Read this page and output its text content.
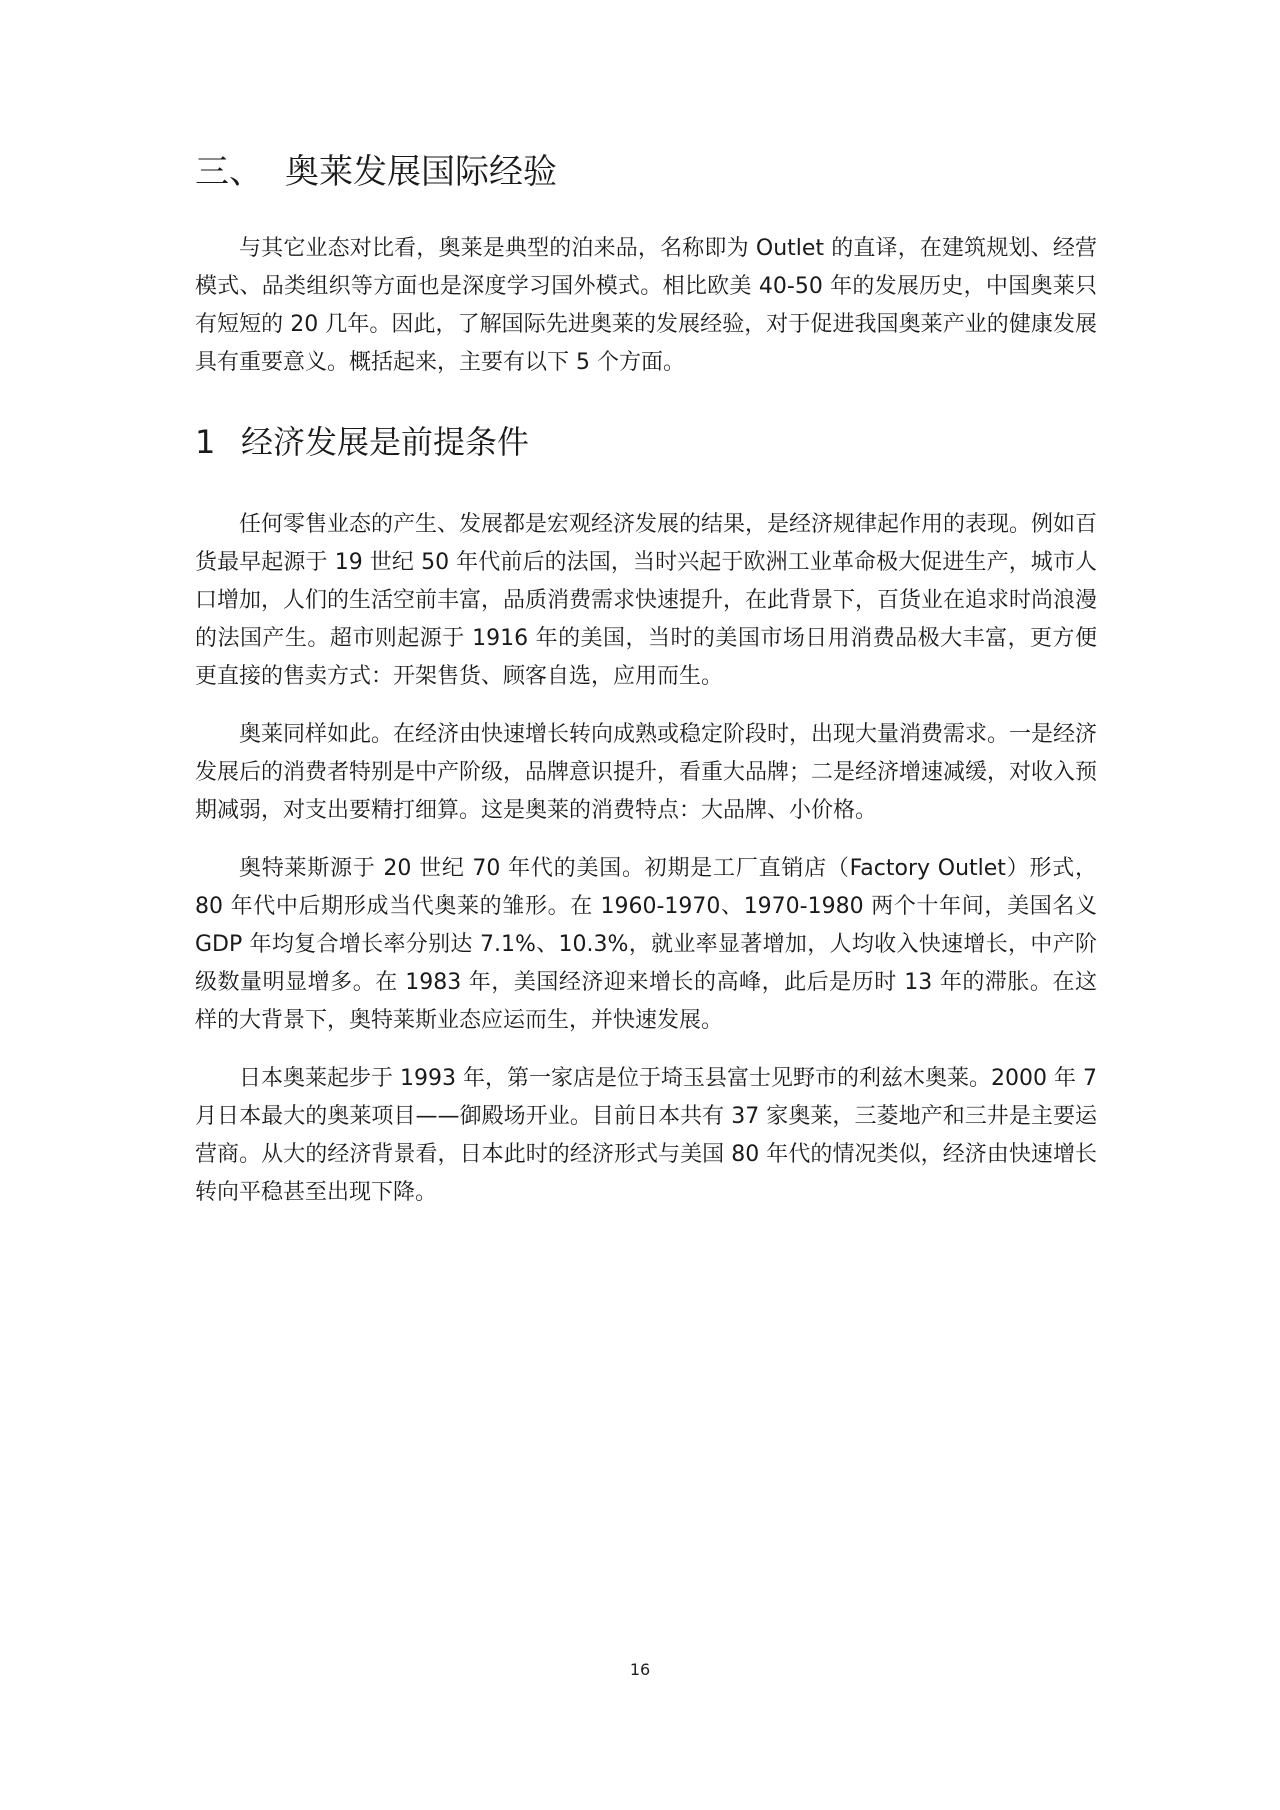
三、 奥莱发展国际经验

与其它业态对比看，奥莱是典型的泊来品，名称即为 Outlet 的直译，在建筑规划、经营模式、品类组织等方面也是深度学习国外模式。相比欧美 40-50 年的发展历史，中国奥莱只有短短的 20 几年。因此，了解国际先进奥莱的发展经验，对于促进我国奥莱产业的健康发展具有重要意义。概括起来，主要有以下 5 个方面。

1 经济发展是前提条件

任何零售业态的产生、发展都是宏观经济发展的结果，是经济规律起作用的表现。例如百货最早起源于 19 世纪 50 年代前后的法国，当时兴起于欧洲工业革命极大促进生产，城市人口增加，人们的生活空前丰富，品质消费需求快速提升，在此背景下，百货业在追求时尚浪漫的法国产生。超市则起源于 1916 年的美国，当时的美国市场日用消费品极大丰富，更方便更直接的售卖方式：开架售货、顾客自选，应用而生。

奥莱同样如此。在经济由快速增长转向成熟或稳定阶段时，出现大量消费需求。一是经济发展后的消费者特别是中产阶级，品牌意识提升，看重大品牌；二是经济增速减缓，对收入预期减弱，对支出要精打细算。这是奥莱的消费特点：大品牌、小价格。

奥特莱斯源于 20 世纪 70 年代的美国。初期是工厂直销店（Factory Outlet）形式，80 年代中后期形成当代奥莱的雏形。在 1960-1970、1970-1980 两个十年间，美国名义 GDP 年均复合增长率分别达 7.1%、10.3%，就业率显著增加，人均收入快速增长，中产阶级数量明显增多。在 1983 年，美国经济迎来增长的高峰，此后是历时 13 年的滞胀。在这样的大背景下，奥特莱斯业态应运而生，并快速发展。

日本奥莱起步于 1993 年，第一家店是位于埼玉县富士见野市的利兹木奥莱。2000 年 7 月日本最大的奥莱项目——御殿场开业。目前日本共有 37 家奥莱，三菱地产和三井是主要运营商。从大的经济背景看，日本此时的经济形式与美国 80 年代的情况类似，经济由快速增长转向平稳甚至出现下降。

16
